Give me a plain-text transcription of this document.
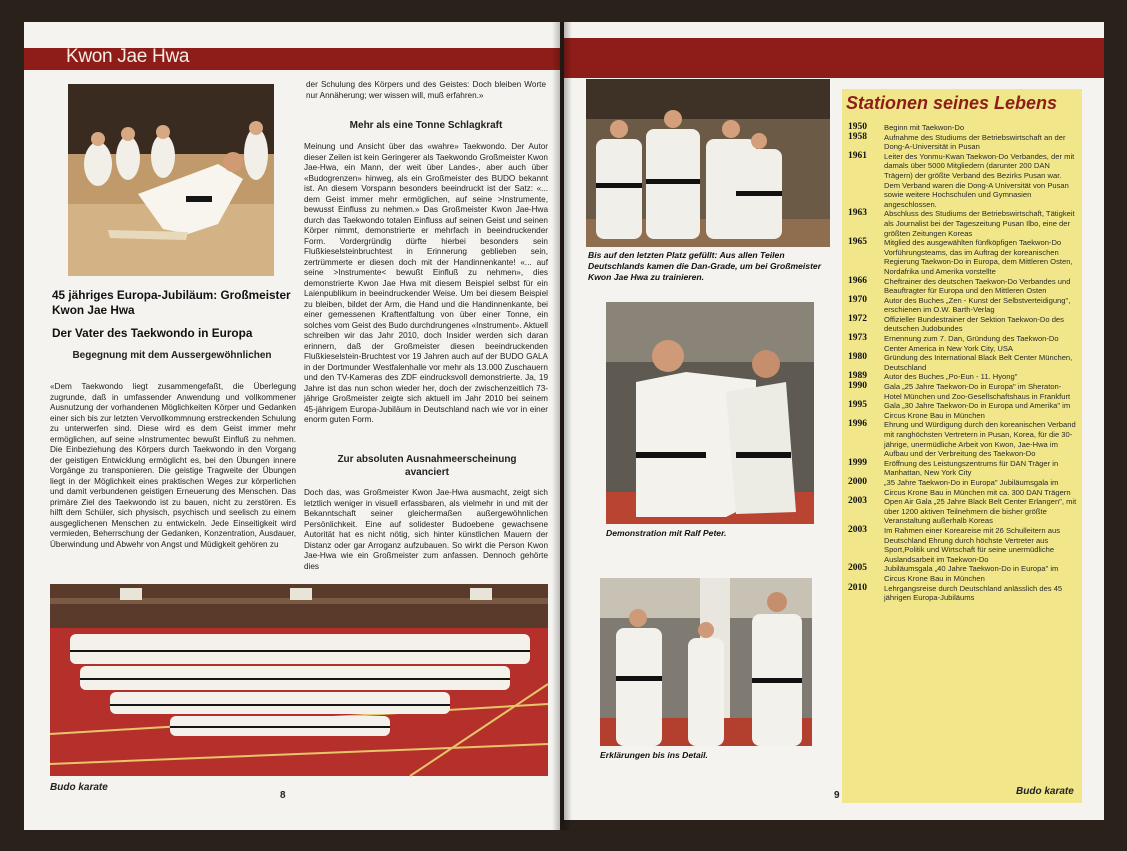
Kwon Jae Hwa
45 jähriges Europa-Jubiläum: Großmeister Kwon Jae Hwa
Der Vater des Taekwondo in Europa
Begegnung mit dem Aussergewöhnlichen

«Dem Taekwondo liegt zusammengefaßt, die Überlegung zugrunde, daß in umfassender Anwendung und vollkommener Ausnutzung der vorhandenen Möglichkeiten Körper und Gedanken einer sich bis zur letzten Vervollkommnung erstreckenden Schulung zu unterwerfen sind. Diese wird es dem Geist immer mehr ermöglichen, auf seine »Instrumentec bewußt Einfluß zu nehmen. Die Einbeziehung des Körpers durch Taekwondo in den Vorgang der geistigen Entwicklung ermöglicht es, bei den Übungen innere Vorgänge zu transponieren. Die geistige Tragweite der Übungen liegt in der Möglichkeit eines praktischen Weges zur körperlichen und damit verbundenen geistigen Erneuerung des Menschen. Das primäre Ziel des Taekwondo ist zu bauen, nicht zu zerstören. Es hilft dem Schüler, sich physisch, psychisch und seelisch zu einem ausgeglichenen Menschen zu entwickeln. Jede Einseitigkeit wird vermieden, Beherrschung der Gedanken, Konzentration, Ausdauer, Überwindung und Abwehr von Angst und Müdigkeit gehören zu

der Schulung des Körpers und des Geistes: Doch bleiben Worte nur Annäherung; wer wissen will, muß erfahren.»

Mehr als eine Tonne Schlagkraft

Meinung und Ansicht über das «wahre» Taekwondo. Der Autor dieser Zeilen ist kein Geringerer als Taekwondo Großmeister Kwon Jae-Hwa, ein Mann, der weit über Landes-, aber auch über «Budogrenzen» hinweg, als ein Großmeister des BUDO bekannt ist. An diesem Vorspann besonders beeindruckt ist der Satz: «... dem Geist immer mehr ermöglichen, auf seine >Instrumente, bewusst Einfluss zu nehmen.» Das Großmeister Kwon Jae-Hwa durch das Taekwondo totalen Einfluss auf seinen Geist und seinen Körper nimmt, demonstrierte er mehrfach in beeindruckender Form. Vordergründig dürfte hierbei besonders sein Flußkieselsteinbruchtest in Erinnerung geblieben sein, zertrümmerte er diesen doch mit der Handinnenkante! «... auf seine >Instrumente< bewußt Einfluß zu nehmen», dies demonstrierte Kwon Jae Hwa mit diesem Beispiel selbst für ein Laienpublikum in beeindruckender Weise. Um bei diesem Beispiel zu bleiben, bildet der Arm, die Hand und die Handinnenkante, bei einer gemessenen Kraftentfaltung von über einer Tonne, ein solches vom Geist des Budo durchdrungenes «Instrument». Aktuell schreiben wir das Jahr 2010, doch Insider werden sich daran erinnern, daß der Großmeister diesen beeindruckenden Flußkieselstein-Bruchtest vor 19 Jahren auch auf der BUDO GALA in der Dortmunder Westfalenhalle vor mehr als 13.000 Zuschauern und den TV-Kameras des ZDF eindrucksvoll demonstrierte. Ja, 19 Jahre ist das nun schon wieder her, doch der zwischenzeitlich 73-jährige Großmeister zeigte sich aktuell im Jahr 2010 bei seinem 45-jährigem Europa-Jubiläum in Deutschland nach wie vor in einer enorm guten Form.

Zur absoluten Ausnahmeerscheinung avanciert

Doch das, was Großmeister Kwon Jae-Hwa ausmacht, zeigt sich letztlich weniger in visuell erfassbaren, als vielmehr in und mit der Bekanntschaft seiner gleichermaßen außergewöhnlichen Persönlichkeit. Eine auf solidester Budoebene gewachsene Autorität hat es nicht nötig, sich hinter künstlichen Mauern der Distanz oder gar Arroganz aufzubauen. So wirkt die Person Kwon Jae-Hwa wie ein Großmeister zum anfassen. Dennoch gehörte dies

Budo karate
8
Bis auf den letzten Platz gefüllt: Aus allen Teilen Deutschlands kamen die Dan-Grade, um bei Großmeister Kwon Jae Hwa zu trainieren.
Demonstration mit Ralf Peter.
Erklärungen bis ins Detail.
Stationen seines Lebens
1950	Beginn mit Taekwon-Do
1958	Aufnahme des Studiums der Betriebswirtschaft an der Dong-A-Universität in Pusan
1961	Leiter des Yonmu-Kwan Taekwon-Do Verbandes, der mit damals über 5000 Mitgliedern (darunter 200 DAN Trägern) der größte Verband des Bezirks Pusan war. Dem Verband waren die Dong-A Universität von Pusan sowie weitere Hochschulen und Gymnasien angeschlossen.
1963	Abschluss des Studiums der Betriebswirtschaft, Tätigkeit als Journalist bei der Tageszeitung Pusan Ilbo, eine der größten Zeitungen Koreas
1965	Mitglied des ausgewählten fünfköpfigen Taekwon-Do Vorführungsteams, das im Auftrag der koreanischen Regierung Taekwon-Do in Europa, dem Mittleren Osten, Nordafrika und Amerika vorstellte
1966	Cheftrainer des deutschen Taekwon-Do Verbandes und Beauftragter für Europa und den Mittleren Osten
1970	Autor des Buches „Zen - Kunst der Selbstverteidigung", erschienen im O.W. Barth-Verlag
1972	Offizieller Bundestrainer der Sektion Taekwon-Do des deutschen Judobundes
1973	Ernennung zum 7. Dan, Gründung des Taekwon-Do Center America in New York City, USA
1980	Gründung des International Black Belt Center München, Deutschland
1989	Autor des Buches „Po-Eun - 11. Hyong"
1990	Gala „25 Jahre Taekwon-Do in Europa" im Sheraton-Hotel München und Zoo-Gesellschaftshaus in Frankfurt
1995	Gala „30 Jahre Taekwon-Do in Europa und Amerika" im Circus Krone Bau in München
1996	Ehrung und Würdigung durch den koreanischen Verband mit ranghöchsten Vertretern in Pusan, Korea, für die 30-jährige, unermüdliche Arbeit von Kwon, Jae-Hwa im Aufbau und der Verbreitung des Taekwon-Do
1999	Eröffnung des Leistungszentrums für DAN Träger in Manhattan, New York City
2000	„35 Jahre Taekwon-Do in Europa" Jubiläumsgala im Circus Krone Bau in München mit ca. 300 DAN Trägern
2003	Open Air Gala „25 Jahre Black Belt Center Erlangen", mit über 1200 aktiven Teilnehmern die bisher größte Veranstaltung außerhalb Koreas
2003	Im Rahmen einer Koreareise mit 26 Schulleitern aus Deutschland Ehrung durch höchste Vertreter aus Sport,Politik und Wirtschaft für seine unermüdliche Auslandsarbeit im Taekwon-Do
2005	Jubiläumsgala „40 Jahre Taekwon-Do in Europa" im Circus Krone Bau in München
2010	Lehrgangsreise durch Deutschland anlässlich des 45 jährigen Europa-Jubiläums
9	Budo karate
